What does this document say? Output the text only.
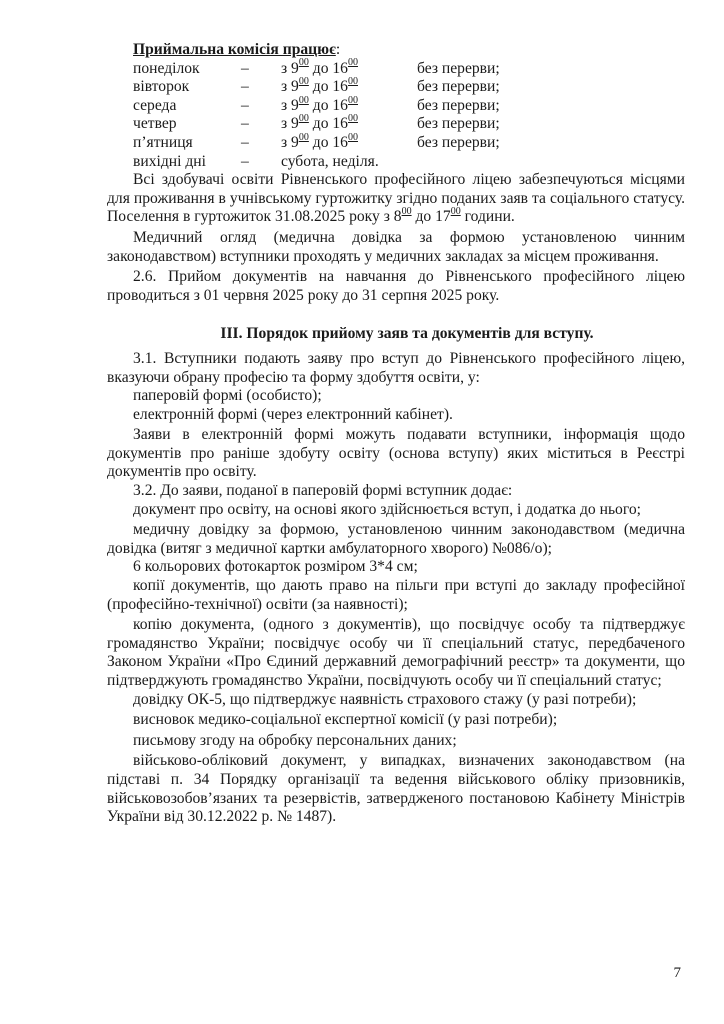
Приймальна комісія працює:

понеділок	–	з $9^{00}$ до $16^{00}$	без перерви;
вівторок	–	з $9^{00}$ до $16^{00}$	без перерви;
середа	–	з $9^{00}$ до $16^{00}$	без перерви;
четвер	–	з $9^{00}$ до $16^{00}$	без перерви;
п’ятниця	–	з $9^{00}$ до $16^{00}$	без перерви;
вихідні дні	–	субота, неділя.

Всі здобувачі освіти Рівненського професійного ліцею забезпечуються місцями для проживання в учнівському гуртожитку згідно поданих заяв та соціального статусу. Поселення в гуртожиток 31.08.2025 року з $8^{00}$ до $17^{00}$ години.

Медичний огляд (медична довідка за формою установленою чинним законодавством) вступники проходять у медичних закладах за місцем проживання.

2.6. Прийом документів на навчання до Рівненського професійного ліцею проводиться з 01 червня 2025 року до 31 серпня 2025 року.

III. Порядок прийому заяв та документів для вступу.

3.1. Вступники подають заяву про вступ до Рівненського професійного ліцею, вказуючи обрану професію та форму здобуття освіти, у:

паперовій формі (особисто);

електронній формі (через електронний кабінет).

Заяви в електронній формі можуть подавати вступники, інформація щодо документів про раніше здобуту освіту (основа вступу) яких міститься в Реєстрі документів про освіту.

3.2. До заяви, поданої в паперовій формі вступник додає:

документ про освіту, на основі якого здійснюється вступ, і додатка до нього;

медичну довідку за формою, установленою чинним законодавством (медична довідка (витяг з медичної картки амбулаторного хворого) №086/о);

6 кольорових фотокарток розміром 3*4 см;

копії документів, що дають право на пільги при вступі до закладу професійної (професійно-технічної) освіти (за наявності);

копію документа, (одного з документів), що посвідчує особу та підтверджує громадянство України; посвідчує особу чи її спеціальний статус, передбаченого Законом України «Про Єдиний державний демографічний реєстр» та документи, що підтверджують громадянство України, посвідчують особу чи її спеціальний статус;

довідку ОК-5, що підтверджує наявність страхового стажу (у разі потреби);

висновок медико-соціальної експертної комісії (у разі потреби);

письмову згоду на обробку персональних даних;

військово-обліковий документ, у випадках, визначених законодавством (на підставі п. 34 Порядку організації та ведення військового обліку призовників, військовозобов’язаних та резервістів, затвердженого постановою Кабінету Міністрів України від 30.12.2022 р. № 1487).

7
